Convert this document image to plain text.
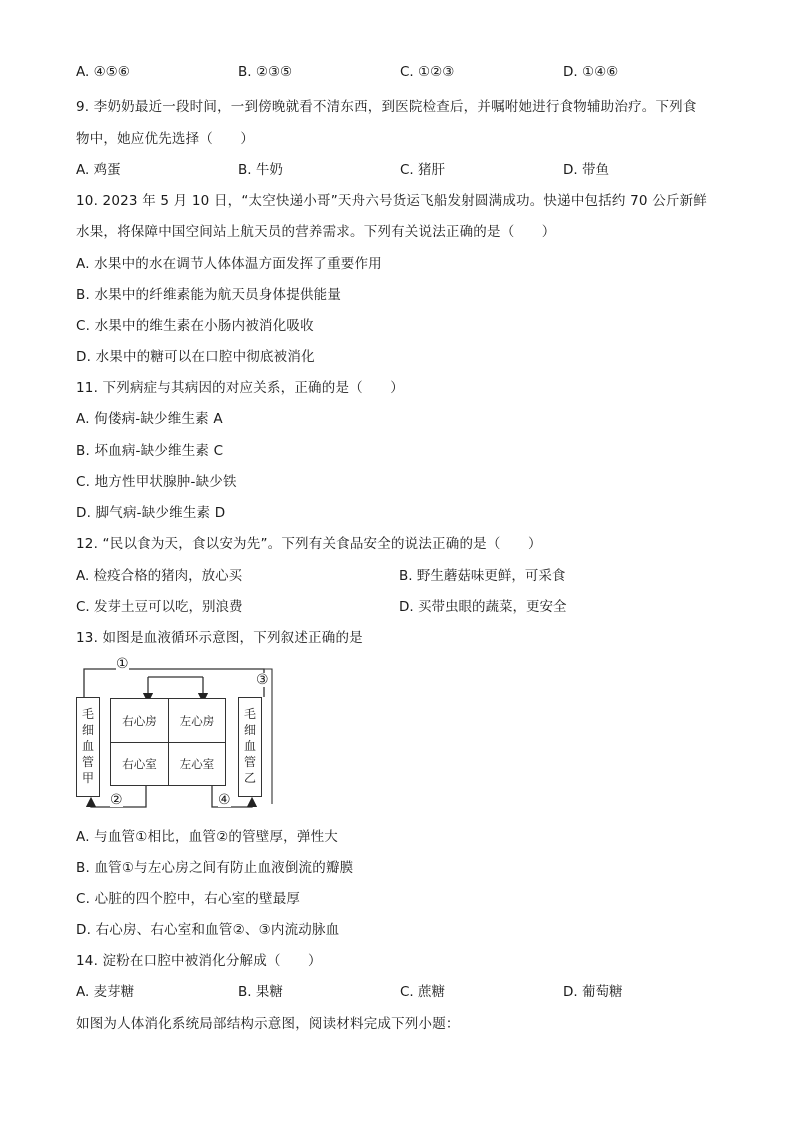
A. ④⑤⑥	B. ②③⑤	C. ①②③	D. ①④⑥
9. 李奶奶最近一段时间，一到傍晚就看不清东西，到医院检查后，并嘱咐她进行食物辅助治疗。下列食
物中，她应优先选择（　　）
A. 鸡蛋	B. 牛奶	C. 猪肝	D. 带鱼
10. 2023 年 5 月 10 日，“太空快递小哥”天舟六号货运飞船发射圆满成功。快递中包括约 70 公斤新鲜
水果，将保障中国空间站上航天员的营养需求。下列有关说法正确的是（　　）
A. 水果中的水在调节人体体温方面发挥了重要作用
B. 水果中的纤维素能为航天员身体提供能量
C. 水果中的维生素在小肠内被消化吸收
D. 水果中的糖可以在口腔中彻底被消化
11. 下列病症与其病因的对应关系，正确的是（　　）
A. 佝偻病-缺少维生素 A
B. 坏血病-缺少维生素 C
C. 地方性甲状腺肿-缺少铁
D. 脚气病-缺少维生素 D
12. “民以食为天，食以安为先”。下列有关食品安全的说法正确的是（　　）
A. 检疫合格的猪肉，放心买	B. 野生蘑菇味更鲜，可采食
C. 发芽土豆可以吃，别浪费	D. 买带虫眼的蔬菜，更安全
13. 如图是血液循环示意图，下列叙述正确的是
毛
细
血
管
甲
右心房	左心房
右心室	左心室
毛
细
血
管
乙
①
②
③
④
A. 与血管①相比，血管②的管壁厚，弹性大
B. 血管①与左心房之间有防止血液倒流的瓣膜
C. 心脏的四个腔中，右心室的壁最厚
D. 右心房、右心室和血管②、③内流动脉血
14. 淀粉在口腔中被消化分解成（　　）
A. 麦芽糖	B. 果糖	C. 蔗糖	D. 葡萄糖
如图为人体消化系统局部结构示意图，阅读材料完成下列小题：
